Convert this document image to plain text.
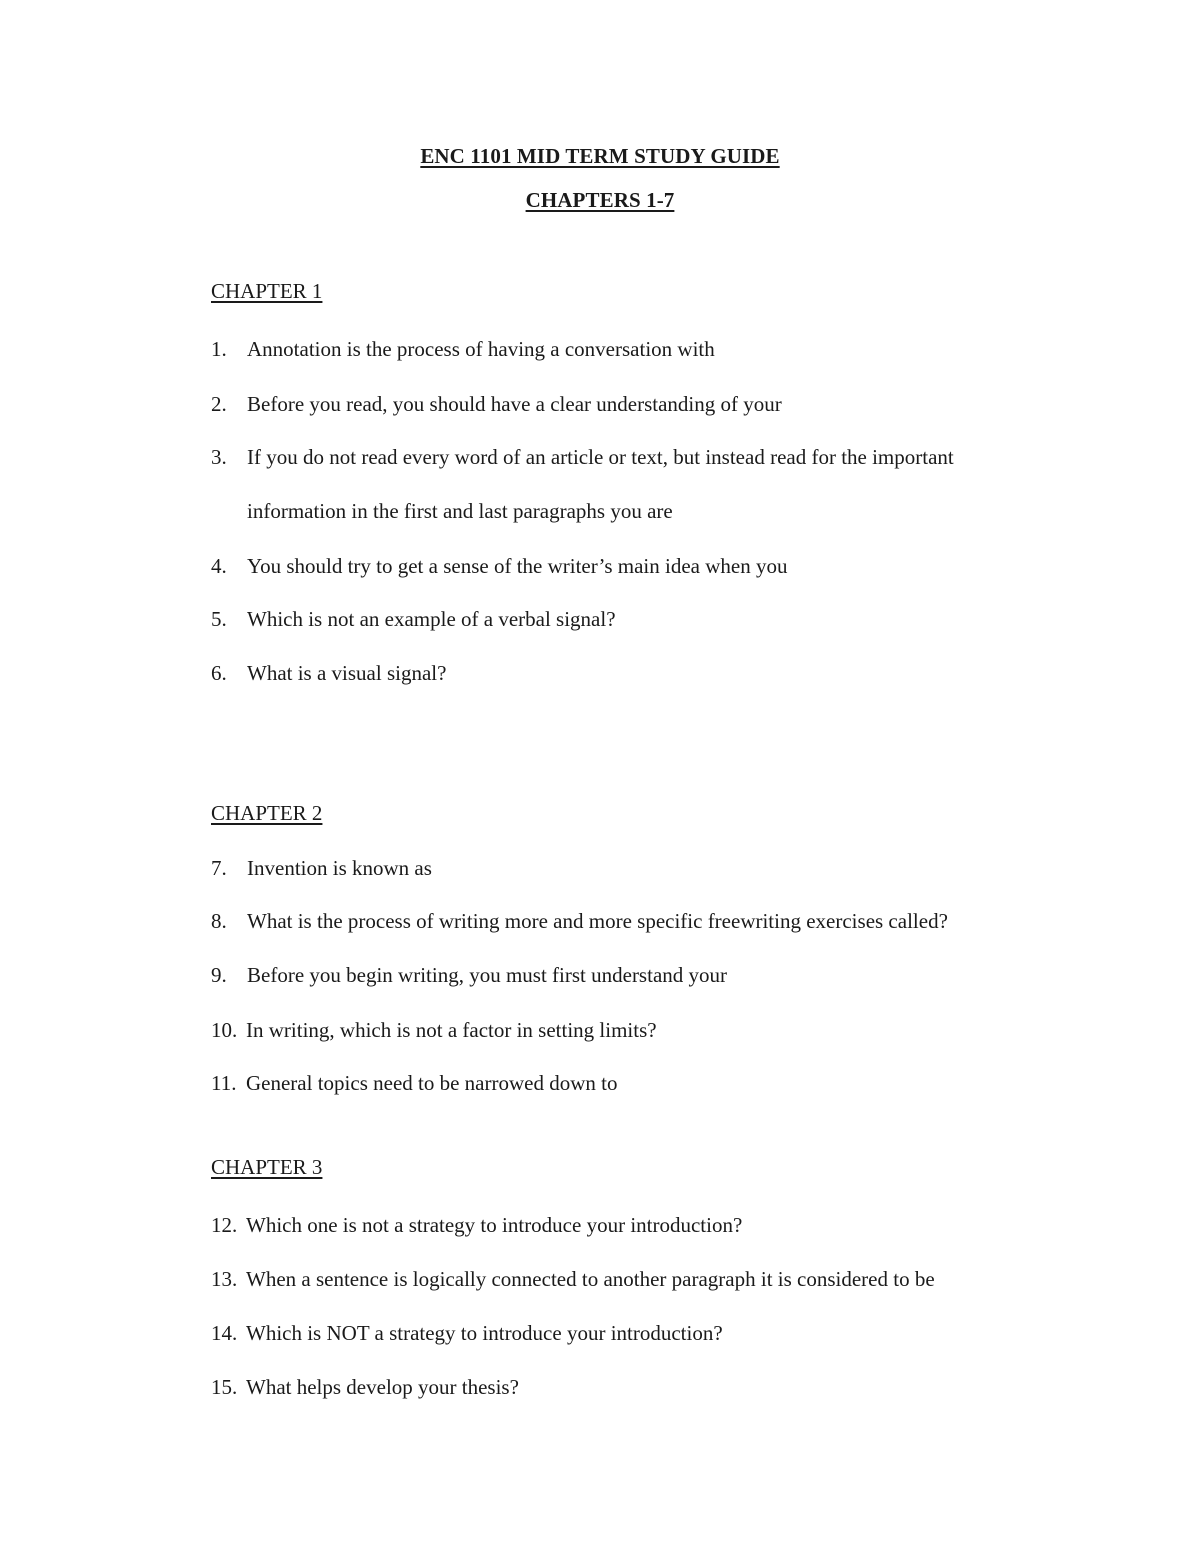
ENC 1101 MID TERM STUDY GUIDE
CHAPTERS 1-7
CHAPTER 1
1. Annotation is the process of having a conversation with
2. Before you read, you should have a clear understanding of your
3. If you do not read every word of an article or text, but instead read for the important
information in the first and last paragraphs you are
4. You should try to get a sense of the writer’s main idea when you
5. Which is not an example of a verbal signal?
6. What is a visual signal?
CHAPTER 2
7. Invention is known as
8. What is the process of writing more and more specific freewriting exercises called?
9. Before you begin writing, you must first understand your
10. In writing, which is not a factor in setting limits?
11. General topics need to be narrowed down to
CHAPTER 3
12. Which one is not a strategy to introduce your introduction?
13. When a sentence is logically connected to another paragraph it is considered to be
14. Which is NOT a strategy to introduce your introduction?
15. What helps develop your thesis?
